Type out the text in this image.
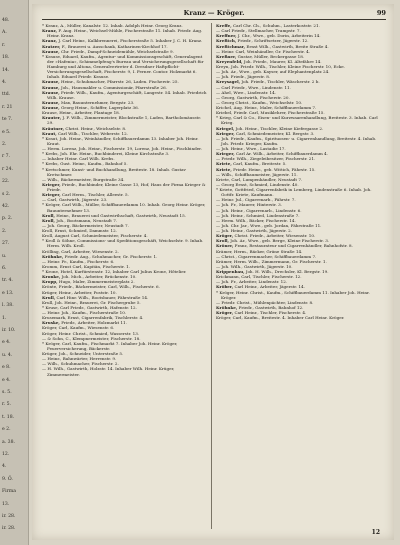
48.
A.
r.
18.
14.
4.
ttd.
r. 21
te 7.
e 5.
2.
r 7.
r 24.
22.
s 2.
42.
p. 2.
2.
27.
u.
6.
tr. 4.
e 13.
l. 38.
1.
ir. 10.
e 4.
u. 4.
e 8.
e 4.
s. 5.
r. 5.
t. 18.
e 2.
a. 38.
12.
4.
9. Ö.
Firma
13.
ir. 28.
ir. 28.
Kranz — Kröger.	99

* Kranz, A., Müller, Kanalstr. 12. Inhab. Adolph Heinr. Georg Kranz.

Kranz, F. Aug. Heinr., Weichsel-Mühle, Fischerstraße 11. Inhab. Friedr. Aug. Heinr. Kranz.

Kranz, J. Carl Heinr., Kalkbrennerei, Fischerstraße 5. Inhaber J. C. H. Kranz.

Kratzer, F., Brauerei u. Ausschank, Katharinen-Kirchhof 17.

Krause, Chr. Friedr., Dampf-Schneidemühle, Weichselstraße 9.

* Krause, Eduard, Kaufm., Agentur- und Kommissionsgeschäft, Generalagent der »Hafenia«, Schimmelpfeng's Bureau und Versicherungsgesellschaft für Hamburg und Altona, Generalvertreter d. Dresdner Haftpflicht-Versicherungsgesellschaft, Fischerstr. 9, I. Ferner. Contor. Holzmarkt 6. Inhab. Eduard Friedr. Krause.

Krause, Heinr., Schuhmacher, Pfarrstr. 26, Laden. Fischerstr. 25.

Krause, Joh., Hausmakler u. Commissionär, Pfarrstraße 26.

Krause, Friedr. Wilh., Kaufm., Agenturgeschäft, Langestr. 54. Inhab. Friedrich Wilh. Krause.

Krause, Max, Bauunternehmer, Bergstr. 23.

Krause, Georg Heinr., Schiffer, Lagerplatz 36.

Krause, Heinr., Arbeiter, Plantage 18.

Krauter, J. F. Wilh., Zimmermeister, Blockstraße 1, Laden, Bartholomäusstr. 29.

Kräutner, Christ. Heinr., Weichselstr. 8.

Kraut, Carl Wilh., Tischler, Weberstr. 12.

* Kraut, Joh. Heinr., Weinhändler, Schiffbauerdamm 13. Inhaber Joh. Heinr. Kraut.

— Herm. Lorenz, Joh. Heinr., Fischerstr. 19, Lorenz, Joh. Heinr., Fischbinder.

* Krebs, Joh. Ehr. Heinr., Buchbinderei, Kleine Kirchstraße 3.

— Inhaber Heinr. Carl Wilh. Krebs.

* Krebs, Gust. Heinr., Kaufm., Bahnhof 5.

* Kretschmer, Kunst- und Buchhandlung, Breitestr. 18. Inhab. Gustav Kretschmer.

— Wilh., Bäckermeister, Burgstraße 34.

Krieger, Friedr., Buchbinder, Kleine Gasse 13, Hof, Haus der Firma Krieger & Friedr.

Krieger, Carl Herm., Tischler, Alleestr. 5.

— Carl, Gastwirth, Jägerstr. 23.

* Kröger, Carl Wilh., Müller, Schiffbauerdamm 10. Inhab. Georg Heinr. Kröger, Bauunternehmer 13.

Kroll, Heinr., Brauerei und Gastwirthschaft, Gastwirth, Neustadt 15.

Kroll, Joh., Bootsmann, Neustadt 7.

— Joh. Georg, Bäckermeister, Neustadt 7.

Kroll, Ernst, Schmied, Dammstr. 12.

Kroll, August Carl, Schmiedemeister, Fischerstr. 4.

* Kroll & Söhne, Commissions- und Speditionsgeschäft, Weichselstr. 9. Inhab. Herm. Wilh. Kroll.

Krölling, Carl, Arbeiter, Wiesenstr. 2.

Kröhnke, Friedr. Aug., Schuhmacher, Gr. Fischerstr. 1.

— Heinr. Fr., Kaufm., Fischerstr. 6.

Kromm, Ernst Carl, Kapitän, Fischerstr. 1.

* Krone, Hotel, Kurfürstenstr. 12, Inhaber Carl Julius Krone, Hôtelier.

Kronke, Joh. Mich., Arbeiter, Brückenstr. 10.

Kropp, Hugo, Maler, Zimmermeisterplatz 2.

Krönte, Friedr., Bäckermeister, Carl, Wilh., Fischerstr. 6.

Krüger, Heinr., Arbeiter, Poststr. 10.

Krull, Carl Hinr. Wilh., Bootsbauer, Fährstraße 14.

Krull, Joh. Heinr., Brauerei, Gr. Fischergrube 5.

* Kruse, Carl Friedr., Gastwirth, Hafenstr. 12.

— Heinr. Joh., Kaufm., Fischerstraße 10.

Krusemark, Ernst, Cigarrenfabrik, Tischlerstr. 4.

Kruske, Friedr., Arbeiter, Holzmarkt 11.

Kröger, Carl, Kaufm., Wiesenstr. 6.

Kröger, Heinr. Christ., Schmied, Wasserstr. 13.

— & Sohn, C., Klempnermeister, Fischerstr. 18.

* Kröger, Carl, Kaufm., Fischmarkt 7. Inhaber Joh. Heinr. Kröger, Feuerversicherung, Bäckerstr.

Krüger, Joh., Schneider, Unterstraße 5.

— Heinr., Bahnwärter, Herrenstr. 9.

— Wilh., Schuhmacher, Fischerstr. 2.

— H. Wilh., Gastwirth, Holzstr. 14. Inhaber Wilh. Heinr. Krüger, Zimmermeister.

Kreffe, Carl Chr. Ch., Schuhm., Lasterkoststr. 21.

— Carl Friedr., Stellmacher, Trampstr. 7.

Kreffner, J. Chr., Wwe., geb. Dorin, Arbeiterin 14.

Kreßtch, Friedr., Schriftsetzer, Jägerstr. 12.

Kreßtchmar, Ernst Wilh., Gastwirth, Breite Straße 4.

— Heinr. Carl, Weinhändler, Gr. Fischerstr. 4.

Kreßner, Gustav, Müller, Beckergasse 18.

Kreyenfeld, Joh. Friedr., Maurer, Kl. Altefähre 14.

Kreyn, Joh. Friedr. Wilh., Tischler, Kleine Fischerstr. 10, Ecke.

— Joh. Ar., Wwe., geb. Kayser, auf Elephantenplatz 24.

— Joh. Friedr., Jägerstr. 8.

Kreysagel, Joh. Friedr., Tischler, Wäscherstr. 2 b.

— Carl Friedr., Wwe., Lindenstr. 11.

— Ahel, Wwe., Lindenstr. 14.

— Georg, Gastwirth, Fischerstr. 20.

— Georg Christ., Kaufm., Weichselstr. 10.

Krichel, Aug. Heinr., Maler, Schiffbauerdamm 7.

Kriebel, Friedr. Carl, Musiklehrer, Fischerstraße 15.

* Krieg, Carl & Co., Eisen- und Kurzwaarenhandlung, Breitestr. 3. Inhab. Carl Krieg.

Kriegel, Joh. Heinr., Tischler, Kleine Kiefergasse 2.

Krieger, Carl, Schmiedemeister, Kl. Bergstr. 3.

— Joh. Friedr., Kaufm., Spirituosen- u. Cigarrenhandlung, Breitestr. 4. Inhab. Joh. Friedr. Krieger, Kaufm.

— Joh. Heinr., Wwe., Lastadie 17.

Krieger, Carl Ar. Wilh., Arbeiter, Schiffbauerdamm 4.

— Friedr. Wilh., Ziegeleibesitzer, Fischerstr. 21.

Kriete, Carl, Kaufm., Breitestr. 5.

Kriete, Friedr. Heinr., geb. Wittich, Fährstr. 15.

— Wilh., Schiffbaumeister, Jägerstr. 11.

Kriete, Carl, Lumpenhändler, Neustadt 7.

— Georg Ernst, Schmied, Lindenstr. 40.

* Kriete, Gottfried, Cigarrenfabrik in Lemberg, Lindenstraße 6. Inhab. Joh. Gottfr. Kriete, Kaufmann.

— Heinr. Jul., Cigarrenarb., Fährstr. 7.

— Joh. Fr., Maurer, Hinterstr. 3.

— Joh. Heinr., Cigarrenarb., Lindenstr. 6.

— Joh. Heinr., Schmied, Lindenstraße 7.

— Herm. Wilh., Bäcker, Fischerstr. 14.

— Joh. Chr. Jar., Wwe., geb. Jordan, Fährstraße 11.

— Joh. Heinr., Gastwirth, Jägerstr. 2.

Kröger, Christ. Friedr., Arbeiter, Wiesenstr. 10.

Kroll, Joh. Ar., Wwe., geb. Berge, Kleine Fischerstr. 3.

Kröner, Franz, Restaurateur und Cigarrenhändler, Bahnhofstr. 8.

Krämer, Herm., Bäcker, Grüne Straße 14.

— Christ., Cigarrenmacher, Schiffbauerdamm 7.

Krämer, Herm. Wilh., Zimmermann, Gr. Fischerstr. 1.

— Joh. Wilh., Gastwirth, Jägerstr. 10.

Krippenbau, Joh. H. Wilh., Drechsler, Kl. Bergstr. 19.

Krickmann, Carl, Tischler, Fischerstr. 12.

— Joh. Fr., Arbeiter, Lindenstr. 12.

Kröber, Carl Heinr., Arbeiter, Jägerstr. 14.

* Kröger, Heinr. Christ., Kaufm., Schiffbauerdamm 11. Inhaber Joh. Heinr. Kröger.

— Friedr. Christ., Mühlenpächter, Lindenstr. 8.

Kröhnke, Friedr., Gastwirth, Bahnhof 12.

Kröger, Carl Heinr., Tischler, Fischerstr. 4.

Kröger, Carl, Kaufm., Breitestr. 4. Inhaber Carl Heinr. Kröger.

12
